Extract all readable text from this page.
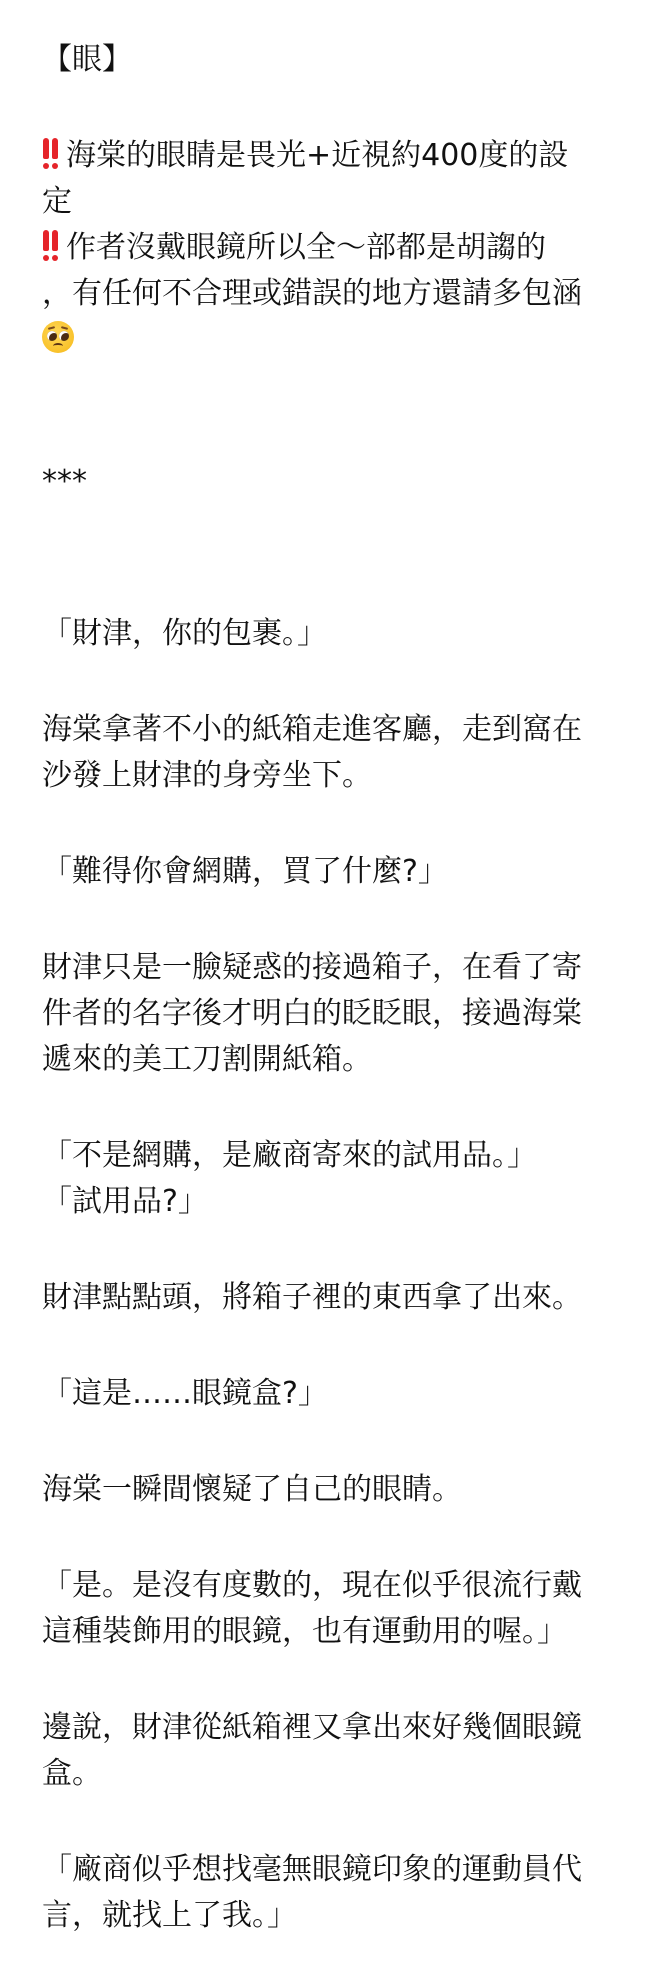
【眼】
海棠的眼睛是畏光+近視約400度的設
定
作者沒戴眼鏡所以全～部都是胡謅的
，有任何不合理或錯誤的地方還請多包涵
***
「財津，你的包裹。」
海棠拿著不小的紙箱走進客廳，走到窩在
沙發上財津的身旁坐下。
「難得你會網購，買了什麼?」
財津只是一臉疑惑的接過箱子，在看了寄
件者的名字後才明白的眨眨眼，接過海棠
遞來的美工刀割開紙箱。
「不是網購，是廠商寄來的試用品。」
「試用品?」
財津點點頭，將箱子裡的東西拿了出來。
「這是……眼鏡盒?」
海棠一瞬間懷疑了自己的眼睛。
「是。是沒有度數的，現在似乎很流行戴
這種裝飾用的眼鏡，也有運動用的喔。」
邊說，財津從紙箱裡又拿出來好幾個眼鏡
盒。
「廠商似乎想找毫無眼鏡印象的運動員代
言，就找上了我。」
